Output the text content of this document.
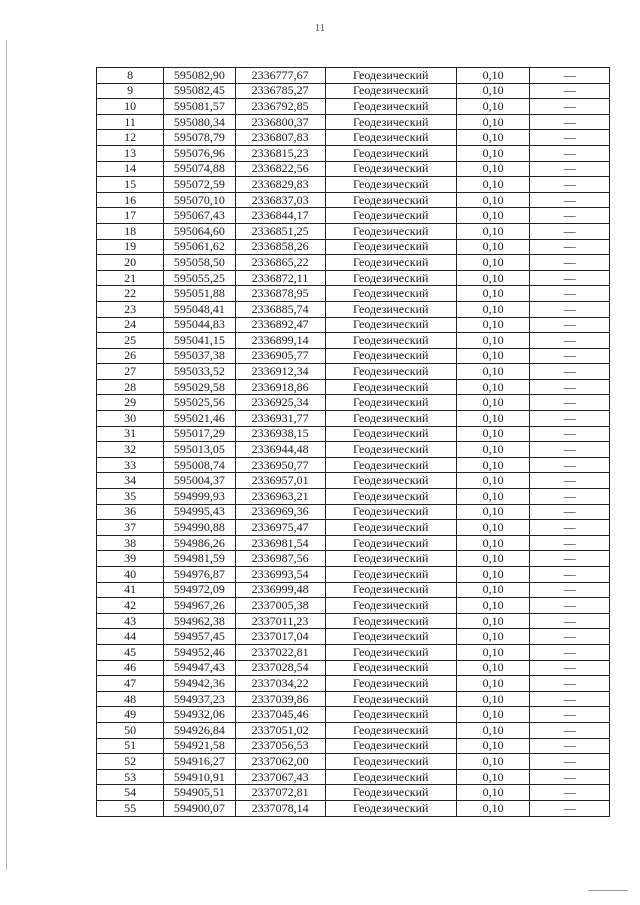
11
8	595082,90	2336777,67	Геодезический	0,10	—
9	595082,45	2336785,27	Геодезический	0,10	—
10	595081,57	2336792,85	Геодезический	0,10	—
11	595080,34	2336800,37	Геодезический	0,10	—
12	595078,79	2336807,83	Геодезический	0,10	—
13	595076,96	2336815,23	Геодезический	0,10	—
14	595074,88	2336822,56	Геодезический	0,10	—
15	595072,59	2336829,83	Геодезический	0,10	—
16	595070,10	2336837,03	Геодезический	0,10	—
17	595067,43	2336844,17	Геодезический	0,10	—
18	595064,60	2336851,25	Геодезический	0,10	—
19	595061,62	2336858,26	Геодезический	0,10	—
20	595058,50	2336865,22	Геодезический	0,10	—
21	595055,25	2336872,11	Геодезический	0,10	—
22	595051,88	2336878,95	Геодезический	0,10	—
23	595048,41	2336885,74	Геодезический	0,10	—
24	595044,83	2336892,47	Геодезический	0,10	—
25	595041,15	2336899,14	Геодезический	0,10	—
26	595037,38	2336905,77	Геодезический	0,10	—
27	595033,52	2336912,34	Геодезический	0,10	—
28	595029,58	2336918,86	Геодезический	0,10	—
29	595025,56	2336925,34	Геодезический	0,10	—
30	595021,46	2336931,77	Геодезический	0,10	—
31	595017,29	2336938,15	Геодезический	0,10	—
32	595013,05	2336944,48	Геодезический	0,10	—
33	595008,74	2336950,77	Геодезический	0,10	—
34	595004,37	2336957,01	Геодезический	0,10	—
35	594999,93	2336963,21	Геодезический	0,10	—
36	594995,43	2336969,36	Геодезический	0,10	—
37	594990,88	2336975,47	Геодезический	0,10	—
38	594986,26	2336981,54	Геодезический	0,10	—
39	594981,59	2336987,56	Геодезический	0,10	—
40	594976,87	2336993,54	Геодезический	0,10	—
41	594972,09	2336999,48	Геодезический	0,10	—
42	594967,26	2337005,38	Геодезический	0,10	—
43	594962,38	2337011,23	Геодезический	0,10	—
44	594957,45	2337017,04	Геодезический	0,10	—
45	594952,46	2337022,81	Геодезический	0,10	—
46	594947,43	2337028,54	Геодезический	0,10	—
47	594942,36	2337034,22	Геодезический	0,10	—
48	594937,23	2337039,86	Геодезический	0,10	—
49	594932,06	2337045,46	Геодезический	0,10	—
50	594926,84	2337051,02	Геодезический	0,10	—
51	594921,58	2337056,53	Геодезический	0,10	—
52	594916,27	2337062,00	Геодезический	0,10	—
53	594910,91	2337067,43	Геодезический	0,10	—
54	594905,51	2337072,81	Геодезический	0,10	—
55	594900,07	2337078,14	Геодезический	0,10	—
